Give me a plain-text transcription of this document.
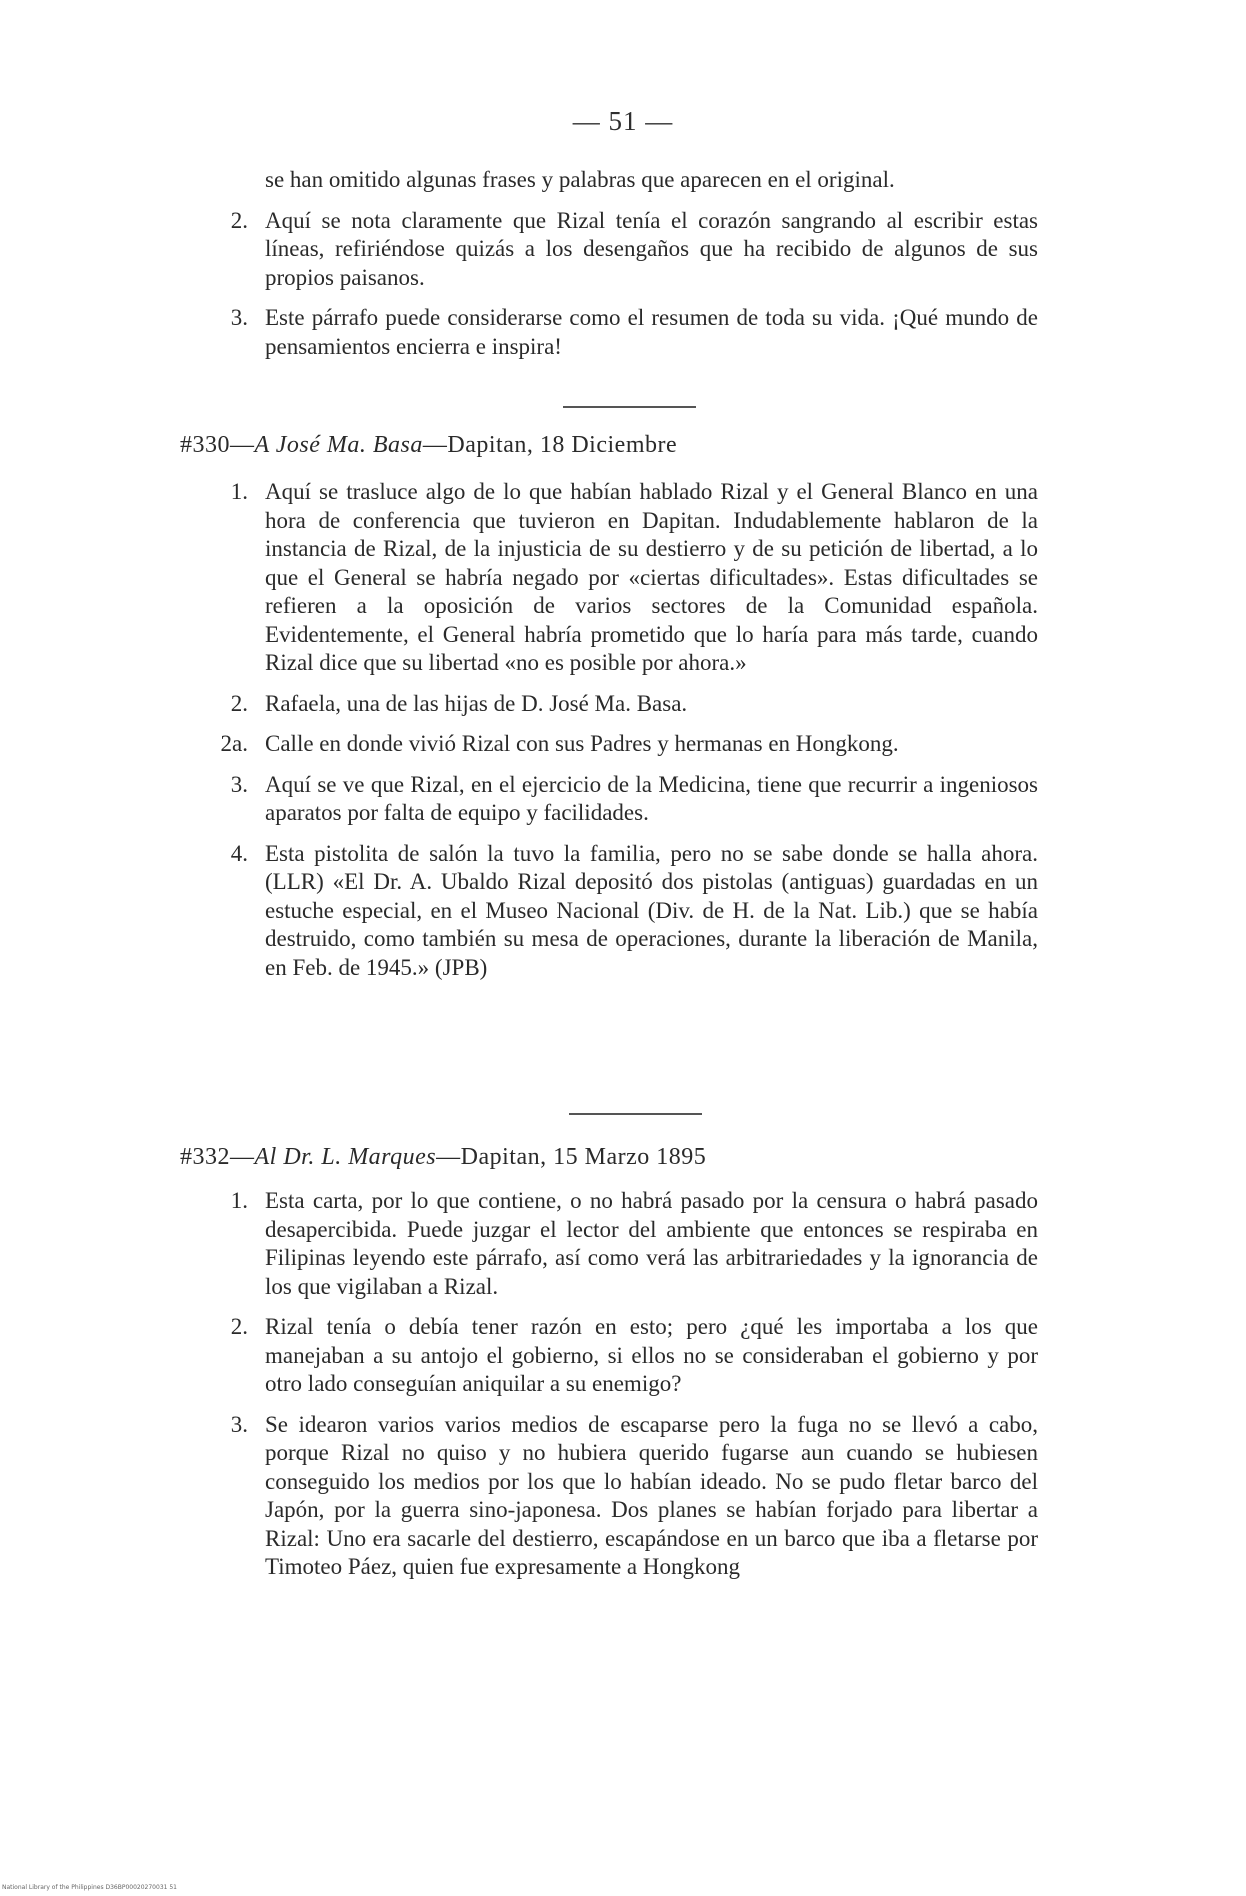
— 51 —
se han omitido algunas frases y palabras que aparecen en el original.
2. Aquí se nota claramente que Rizal tenía el corazón sangrando al escribir estas líneas, refiriéndose quizás a los desengaños que ha recibido de algunos de sus propios paisanos.
3. Este párrafo puede considerarse como el resumen de toda su vida. ¡Qué mundo de pensamientos encierra e inspira!
#330—A José Ma. Basa—Dapitan, 18 Diciembre
1. Aquí se trasluce algo de lo que habían hablado Rizal y el General Blanco en una hora de conferencia que tuvieron en Dapitan. Indudablemente hablaron de la instancia de Rizal, de la injusticia de su destierro y de su petición de libertad, a lo que el General se habría negado por «ciertas dificultades». Estas dificultades se refieren a la oposición de varios sectores de la Comunidad española. Evidentemente, el General habría prometido que lo haría para más tarde, cuando Rizal dice que su libertad «no es posible por ahora.»
2. Rafaela, una de las hijas de D. José Ma. Basa.
2a. Calle en donde vivió Rizal con sus Padres y hermanas en Hongkong.
3. Aquí se ve que Rizal, en el ejercicio de la Medicina, tiene que recurrir a ingeniosos aparatos por falta de equipo y facilidades.
4. Esta pistolita de salón la tuvo la familia, pero no se sabe donde se halla ahora. (LLR) «El Dr. A. Ubaldo Rizal depositó dos pistolas (antiguas) guardadas en un estuche especial, en el Museo Nacional (Div. de H. de la Nat. Lib.) que se había destruido, como también su mesa de operaciones, durante la liberación de Manila, en Feb. de 1945.» (JPB)
#332—Al Dr. L. Marques—Dapitan, 15 Marzo 1895
1. Esta carta, por lo que contiene, o no habrá pasado por la censura o habrá pasado desapercibida. Puede juzgar el lector del ambiente que entonces se respiraba en Filipinas leyendo este párrafo, así como verá las arbitrariedades y la ignorancia de los que vigilaban a Rizal.
2. Rizal tenía o debía tener razón en esto; pero ¿qué les importaba a los que manejaban a su antojo el gobierno, si ellos no se consideraban el gobierno y por otro lado conseguían aniquilar a su enemigo?
3. Se idearon varios varios medios de escaparse pero la fuga no se llevó a cabo, porque Rizal no quiso y no hubiera querido fugarse aun cuando se hubiesen conseguido los medios por los que lo habían ideado. No se pudo fletar barco del Japón, por la guerra sino-japonesa. Dos planes se habían forjado para libertar a Rizal: Uno era sacarle del destierro, escapándose en un barco que iba a fletarse por Timoteo Páez, quien fue expresamente a Hongkong
National Library of the Philippines D36BP00020270031 51
